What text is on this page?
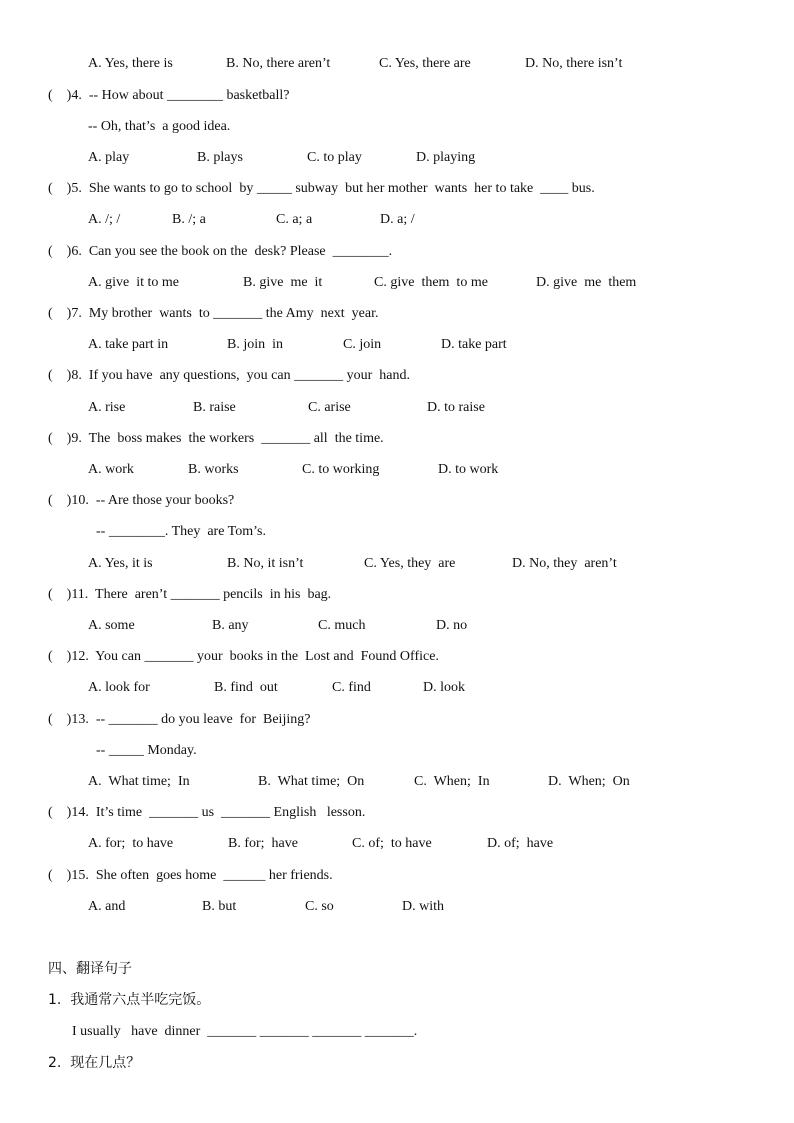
A. Yes, there is	B. No, there aren’t	C. Yes, there are	D. No, there isn’t
(    )4.  -- How about ________ basketball?
-- Oh, that’s  a good idea.
A. play	B. plays	C. to play	D. playing
(    )5.  She wants to go to school  by _____ subway  but her mother  wants  her to take  ____ bus.
A. /; /	B. /; a	C. a; a	D. a; /
(    )6.  Can you see the book on the  desk? Please  ________.
A. give  it to me	B. give  me  it	C. give  them  to me	D. give  me  them
(    )7.  My brother  wants  to _______ the Amy  next  year.
A. take part in	B. join  in	C. join	D. take part
(    )8.  If you have  any questions,  you can _______ your  hand.
A. rise	B. raise	C. arise	D. to raise
(    )9.  The  boss makes  the workers  _______ all  the time.
A. work	B. works	C. to working	D. to work
(    )10.  -- Are those your books?
-- ________. They  are Tom’s.
A. Yes, it is	B. No, it isn’t	C. Yes, they  are	D. No, they  aren’t
(    )11.  There  aren’t _______ pencils  in his  bag.
A. some	B. any	C. much	D. no
(    )12.  You can _______ your  books in the  Lost and  Found Office.
A. look for	B. find  out	C. find	D. look
(    )13.  -- _______ do you leave  for  Beijing?
-- _____ Monday.
A.  What time;  In	B.  What time;  On	C.  When;  In	D.  When;  On
(    )14.  It’s time  _______ us  _______ English   lesson.
A. for;  to have	B. for;  have	C. of;  to have	D. of;  have
(    )15.  She often  goes home  ______ her friends.
A. and	B. but	C. so	D. with
四、翻译句子
1.  我通常六点半吃完饭。
I usually   have  dinner  _______ _______ _______ _______.
2.  现在几点？
